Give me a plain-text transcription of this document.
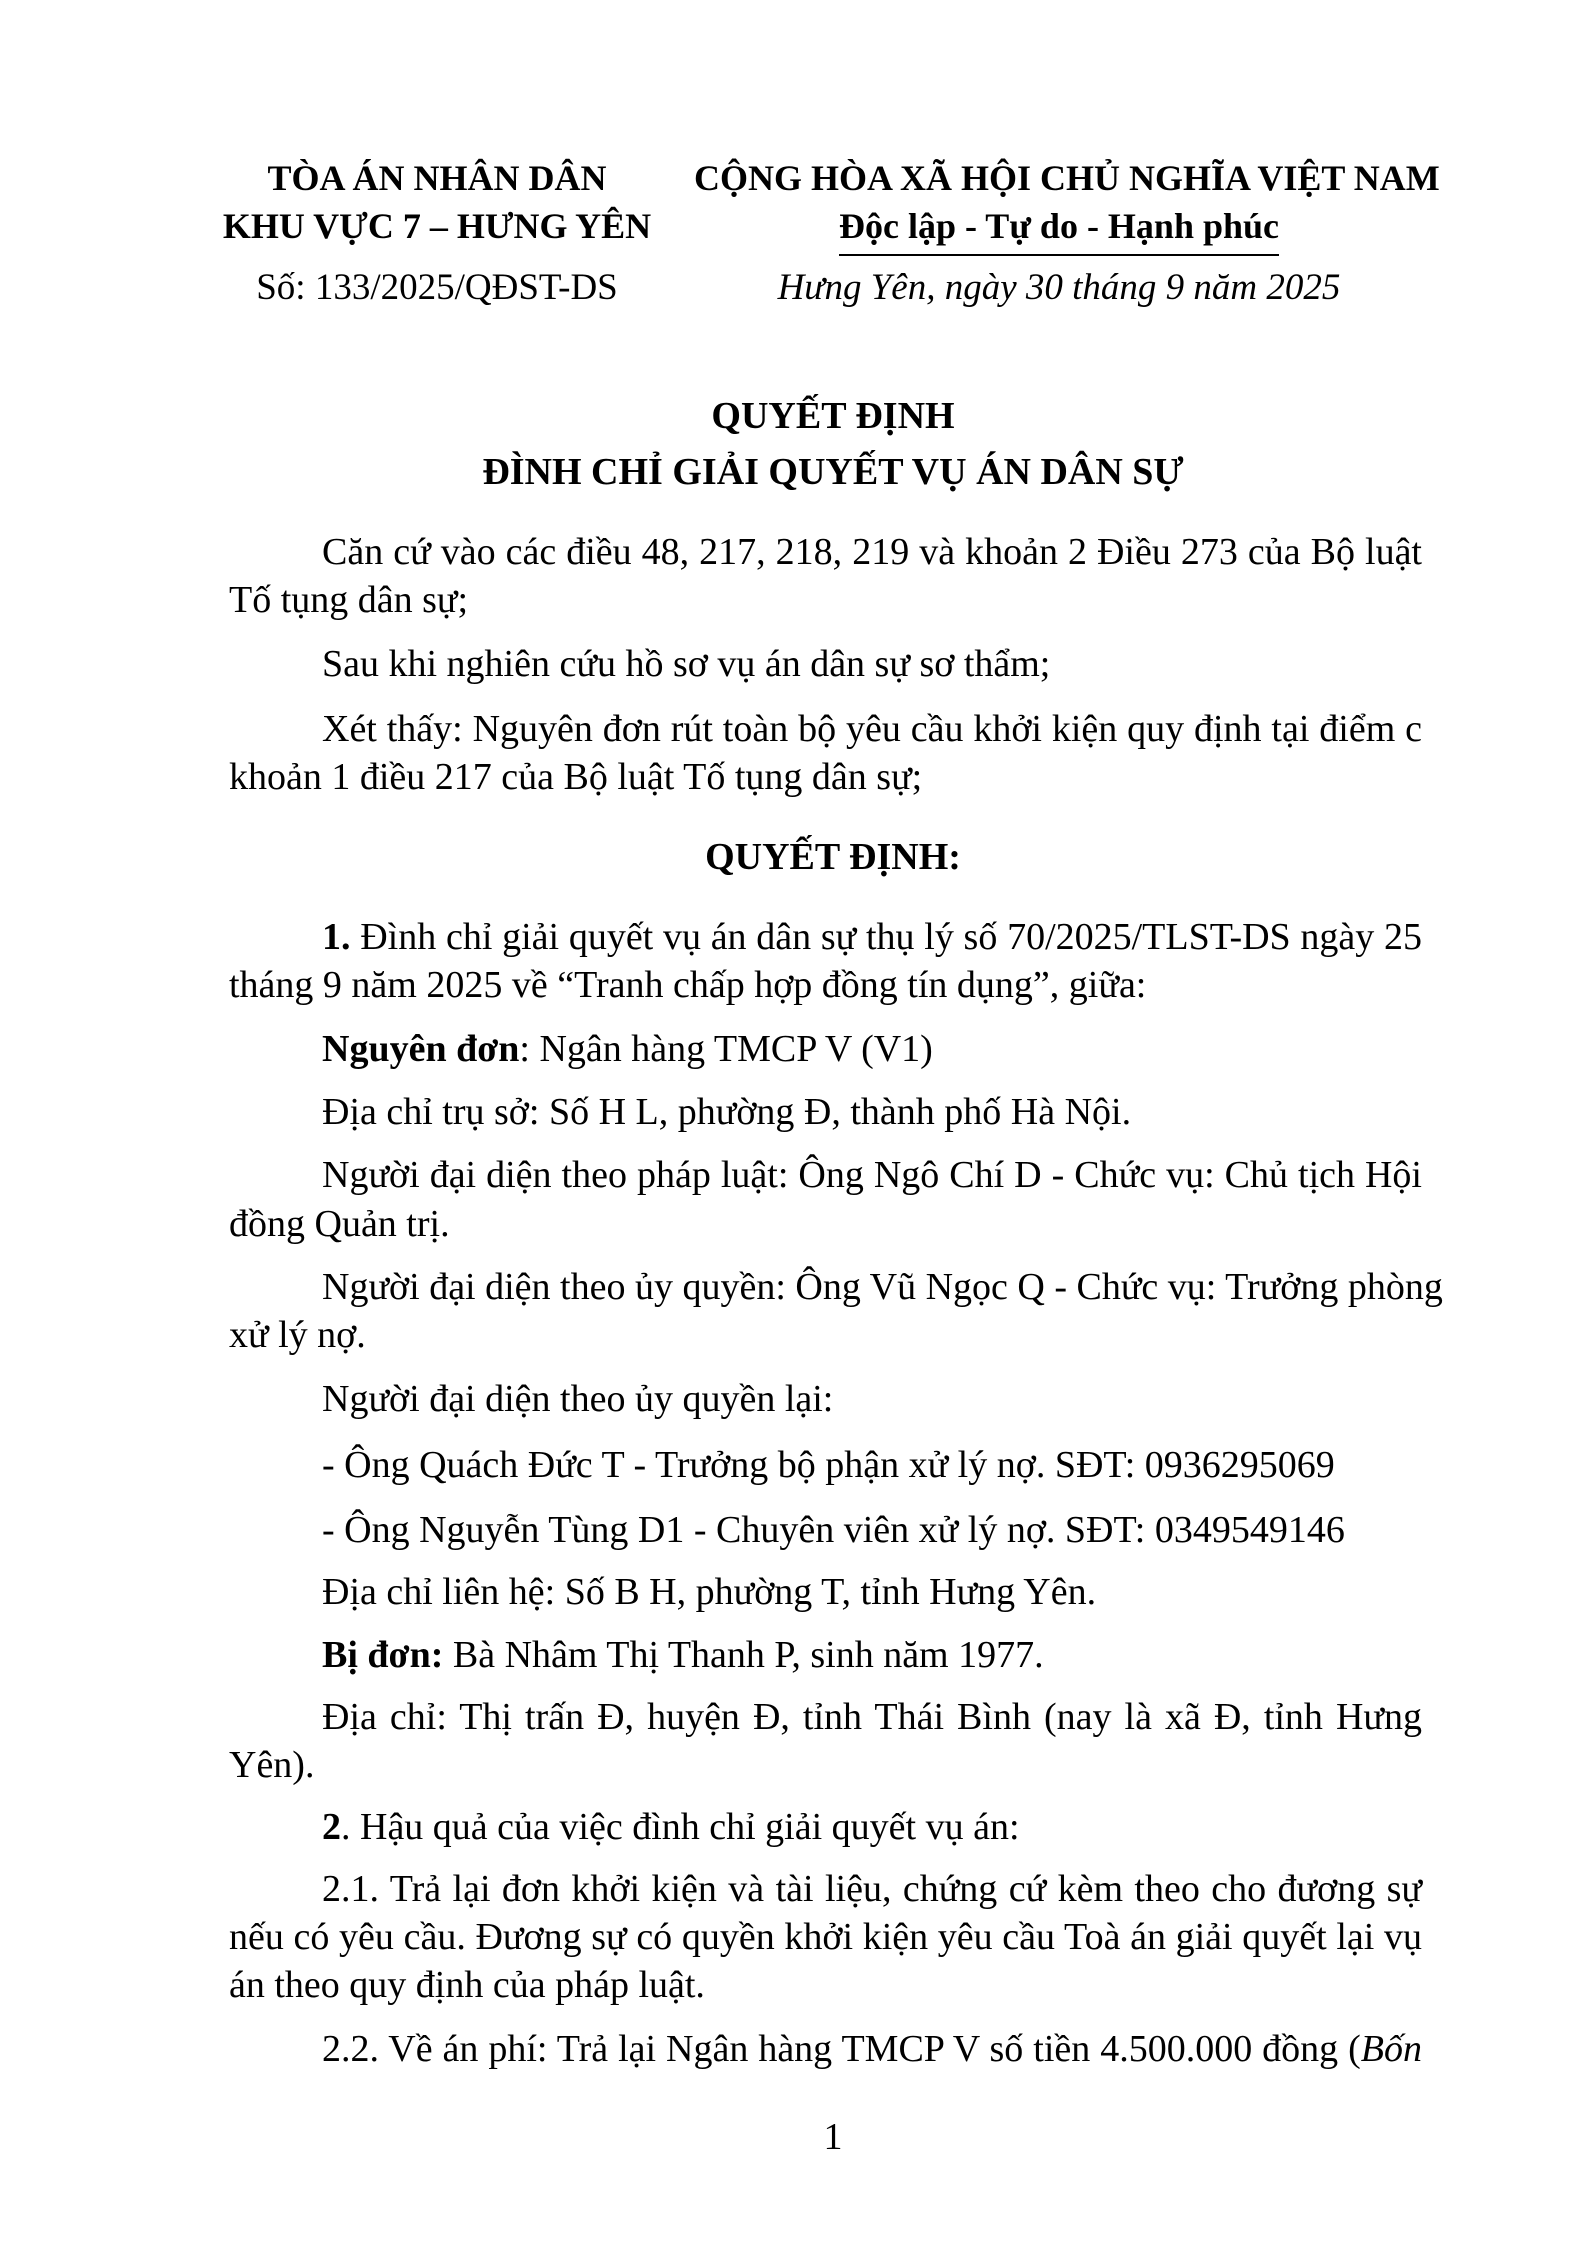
TÒA ÁN NHÂN DÂN
KHU VỰC 7 – HƯNG YÊN
Số: 133/2025/QĐST-DS
CỘNG HÒA XÃ HỘI CHỦ NGHĨA VIỆT NAM
Độc lập - Tự do - Hạnh phúc
Hưng Yên, ngày 30 tháng 9 năm 2025
QUYẾT ĐỊNH
ĐÌNH CHỈ GIẢI QUYẾT VỤ ÁN DÂN SỰ
Căn cứ vào các điều 48, 217, 218, 219 và khoản 2 Điều 273 của Bộ luật
Tố tụng dân sự;
Sau khi nghiên cứu hồ sơ vụ án dân sự sơ thẩm;
Xét thấy: Nguyên đơn rút toàn bộ yêu cầu khởi kiện quy định tại điểm c
khoản 1 điều 217 của Bộ luật Tố tụng dân sự;
QUYẾT ĐỊNH:
1. Đình chỉ giải quyết vụ án dân sự thụ lý số 70/2025/TLST-DS ngày 25
tháng 9 năm 2025 về “Tranh chấp hợp đồng tín dụng”, giữa:
Nguyên đơn: Ngân hàng TMCP V (V1)
Địa chỉ trụ sở: Số H L, phường Đ, thành phố Hà Nội.
Người đại diện theo pháp luật: Ông Ngô Chí D - Chức vụ: Chủ tịch Hội
đồng Quản trị.
Người đại diện theo ủy quyền: Ông Vũ Ngọc Q - Chức vụ: Trưởng phòng
xử lý nợ.
Người đại diện theo ủy quyền lại:
- Ông Quách Đức T - Trưởng bộ phận xử lý nợ. SĐT: 0936295069
- Ông Nguyễn Tùng D1 - Chuyên viên xử lý nợ. SĐT: 0349549146
Địa chỉ liên hệ: Số B H, phường T, tỉnh Hưng Yên.
Bị đơn: Bà Nhâm Thị Thanh P, sinh năm 1977.
Địa chỉ: Thị trấn Đ, huyện Đ, tỉnh Thái Bình (nay là xã Đ, tỉnh Hưng
Yên).
2. Hậu quả của việc đình chỉ giải quyết vụ án:
2.1. Trả lại đơn khởi kiện và tài liệu, chứng cứ kèm theo cho đương sự
nếu có yêu cầu. Đương sự có quyền khởi kiện yêu cầu Toà án giải quyết lại vụ
án theo quy định của pháp luật.
2.2. Về án phí: Trả lại Ngân hàng TMCP V số tiền 4.500.000 đồng (Bốn
1
